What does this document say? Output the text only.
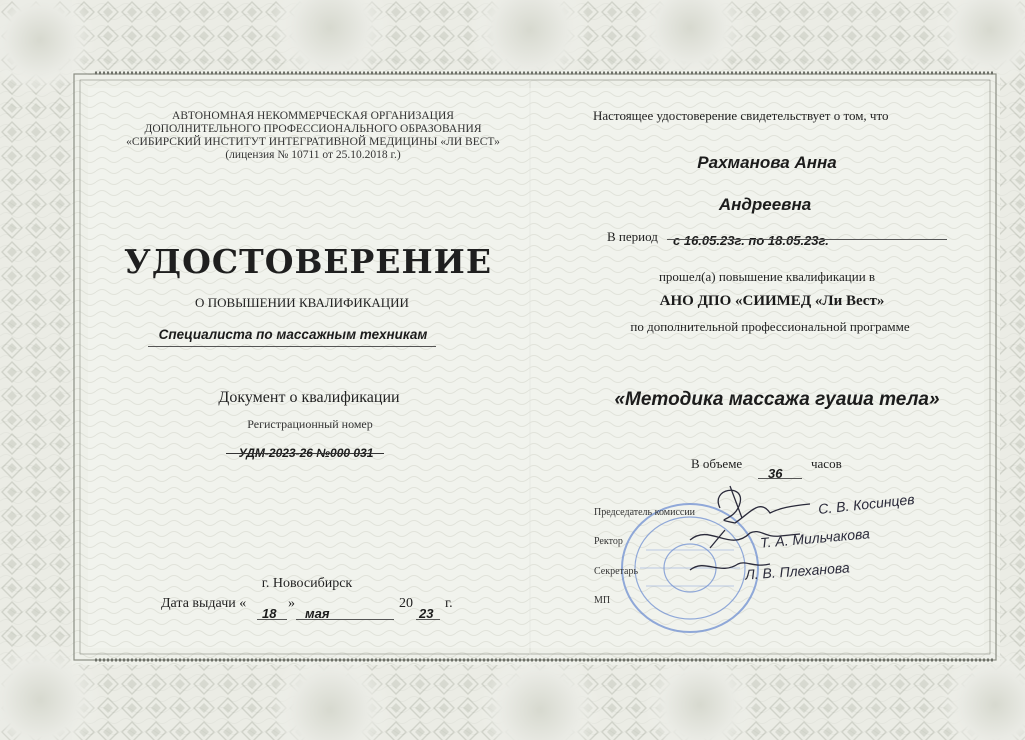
АВТОНОМНАЯ НЕКОММЕРЧЕСКАЯ ОРГАНИЗАЦИЯ
ДОПОЛНИТЕЛЬНОГО ПРОФЕССИОНАЛЬНОГО ОБРАЗОВАНИЯ
«СИБИРСКИЙ ИНСТИТУТ ИНТЕГРАТИВНОЙ МЕДИЦИНЫ «ЛИ ВЕСТ»
(лицензия № 10711 от 25.10.2018 г.)
УДОСТОВЕРЕНИЕ
О ПОВЫШЕНИИ КВАЛИФИКАЦИИ
Специалиста по массажным техникам
Документ о квалификации
Регистрационный номер
УДМ-2023-26 №000 031
г. Новосибирск
Дата выдачи «
18
»
мая
20
23
г.
Настоящее удостоверение свидетельствует о том, что
Рахманова Анна
Андреевна
В период с 16.05.23г. по 18.05.23г.
прошел(а) повышение квалификации в
АНО ДПО «СИИМЕД «Ли Вест»
по дополнительной профессиональной программе
«Методика массажа гуаша тела»
В объеме
36
часов
Председатель комиссии
Ректор
Секретарь
МП
С. В. Косинцев
Т. А. Мильчакова
Л. В. Плеханова
